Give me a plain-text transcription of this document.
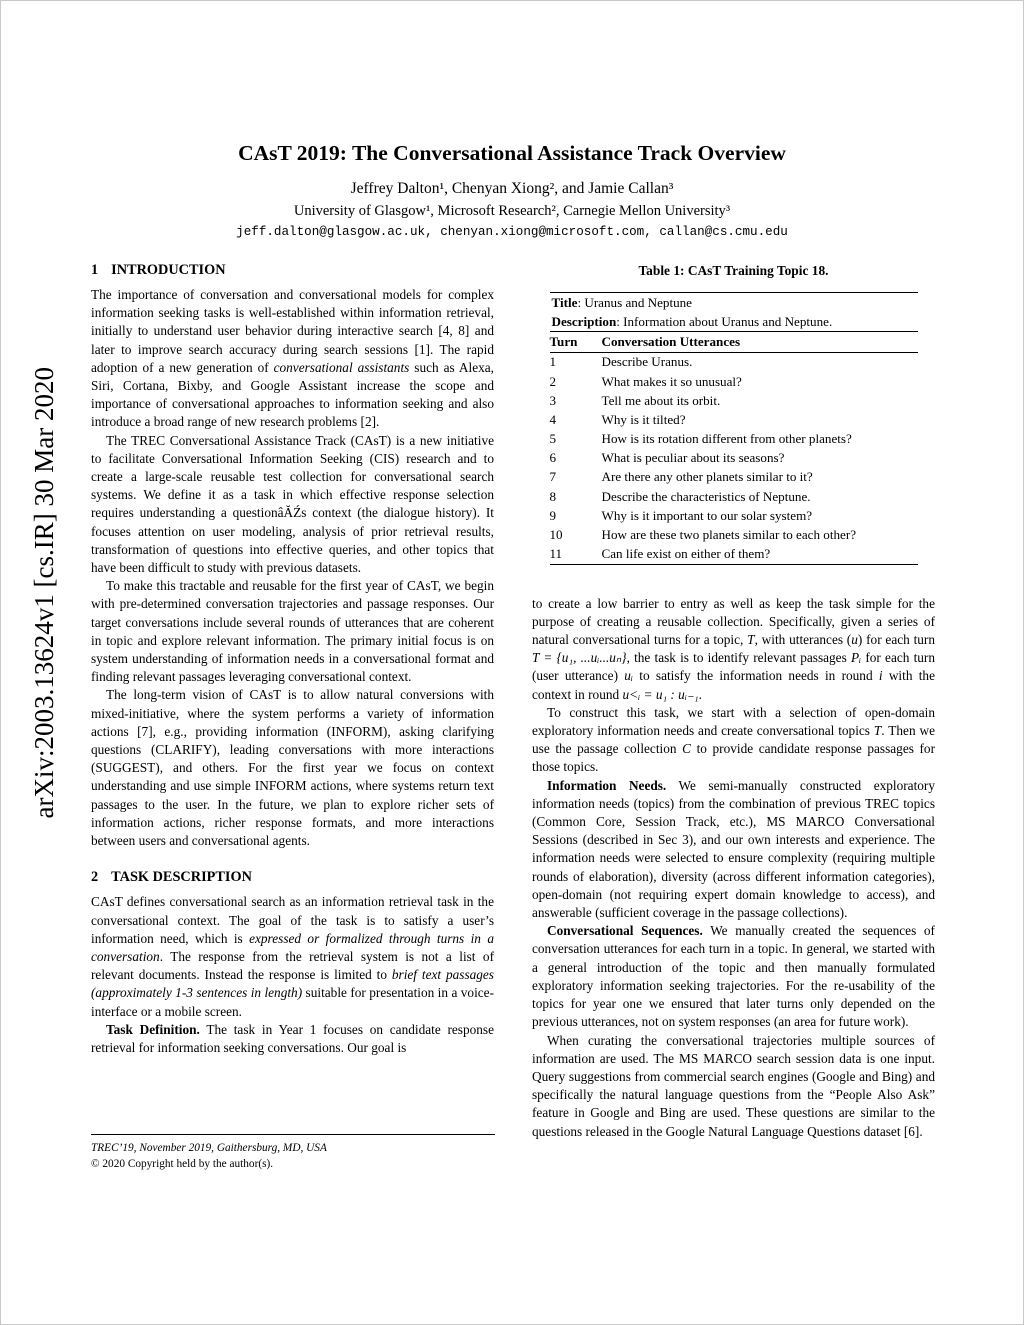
arXiv:2003.13624v1 [cs.IR] 30 Mar 2020
CAsT 2019: The Conversational Assistance Track Overview
Jeffrey Dalton¹, Chenyan Xiong², and Jamie Callan³
University of Glasgow¹, Microsoft Research², Carnegie Mellon University³
jeff.dalton@glasgow.ac.uk, chenyan.xiong@microsoft.com, callan@cs.cmu.edu
1 INTRODUCTION

The importance of conversation and conversational models for complex information seeking tasks is well-established within information retrieval, initially to understand user behavior during interactive search [4, 8] and later to improve search accuracy during search sessions [1]. The rapid adoption of a new generation of conversational assistants such as Alexa, Siri, Cortana, Bixby, and Google Assistant increase the scope and importance of conversational approaches to information seeking and also introduce a broad range of new research problems [2].

The TREC Conversational Assistance Track (CAsT) is a new initiative to facilitate Conversational Information Seeking (CIS) research and to create a large-scale reusable test collection for conversational search systems. We define it as a task in which effective response selection requires understanding a questionâĂŹs context (the dialogue history). It focuses attention on user modeling, analysis of prior retrieval results, transformation of questions into effective queries, and other topics that have been difficult to study with previous datasets.

To make this tractable and reusable for the first year of CAsT, we begin with pre-determined conversation trajectories and passage responses. Our target conversations include several rounds of utterances that are coherent in topic and explore relevant information. The primary initial focus is on system understanding of information needs in a conversational format and finding relevant passages leveraging conversational context.

The long-term vision of CAsT is to allow natural conversions with mixed-initiative, where the system performs a variety of information actions [7], e.g., providing information (INFORM), asking clarifying questions (CLARIFY), leading conversations with more interactions (SUGGEST), and others. For the first year we focus on context understanding and use simple INFORM actions, where systems return text passages to the user. In the future, we plan to explore richer sets of information actions, richer response formats, and more interactions between users and conversational agents.

2 TASK DESCRIPTION

CAsT defines conversational search as an information retrieval task in the conversational context. The goal of the task is to satisfy a user’s information need, which is expressed or formalized through turns in a conversation. The response from the retrieval system is not a list of relevant documents. Instead the response is limited to brief text passages (approximately 1-3 sentences in length) suitable for presentation in a voice-interface or a mobile screen.

Task Definition. The task in Year 1 focuses on candidate response retrieval for information seeking conversations. Our goal is

Table 1: CAsT Training Topic 18.
Title: Uranus and Neptune	
Description: Information about Uranus and Neptune.	
Turn	Conversation Utterances
1	Describe Uranus.
2	What makes it so unusual?
3	Tell me about its orbit.
4	Why is it tilted?
5	How is its rotation different from other planets?
6	What is peculiar about its seasons?
7	Are there any other planets similar to it?
8	Describe the characteristics of Neptune.
9	Why is it important to our solar system?
10	How are these two planets similar to each other?
11	Can life exist on either of them?

to create a low barrier to entry as well as keep the task simple for the purpose of creating a reusable collection. Specifically, given a series of natural conversational turns for a topic, T, with utterances (u) for each turn T = {u₁, ...uᵢ...uₙ}, the task is to identify relevant passages Pᵢ for each turn (user utterance) uᵢ to satisfy the information needs in round i with the context in round u<ᵢ = u₁ : uᵢ₋₁.

To construct this task, we start with a selection of open-domain exploratory information needs and create conversational topics T. Then we use the passage collection C to provide candidate response passages for those topics.

Information Needs. We semi-manually constructed exploratory information needs (topics) from the combination of previous TREC topics (Common Core, Session Track, etc.), MS MARCO Conversational Sessions (described in Sec 3), and our own interests and experience. The information needs were selected to ensure complexity (requiring multiple rounds of elaboration), diversity (across different information categories), open-domain (not requiring expert domain knowledge to access), and answerable (sufficient coverage in the passage collections).

Conversational Sequences. We manually created the sequences of conversation utterances for each turn in a topic. In general, we started with a general introduction of the topic and then manually formulated exploratory information seeking trajectories. For the re-usability of the topics for year one we ensured that later turns only depended on the previous utterances, not on system responses (an area for future work).

When curating the conversational trajectories multiple sources of information are used. The MS MARCO search session data is one input. Query suggestions from commercial search engines (Google and Bing) and specifically the natural language questions from the “People Also Ask” feature in Google and Bing are used. These questions are similar to the questions released in the Google Natural Language Questions dataset [6].

TREC’19, November 2019, Gaithersburg, MD, USA
© 2020 Copyright held by the author(s).
